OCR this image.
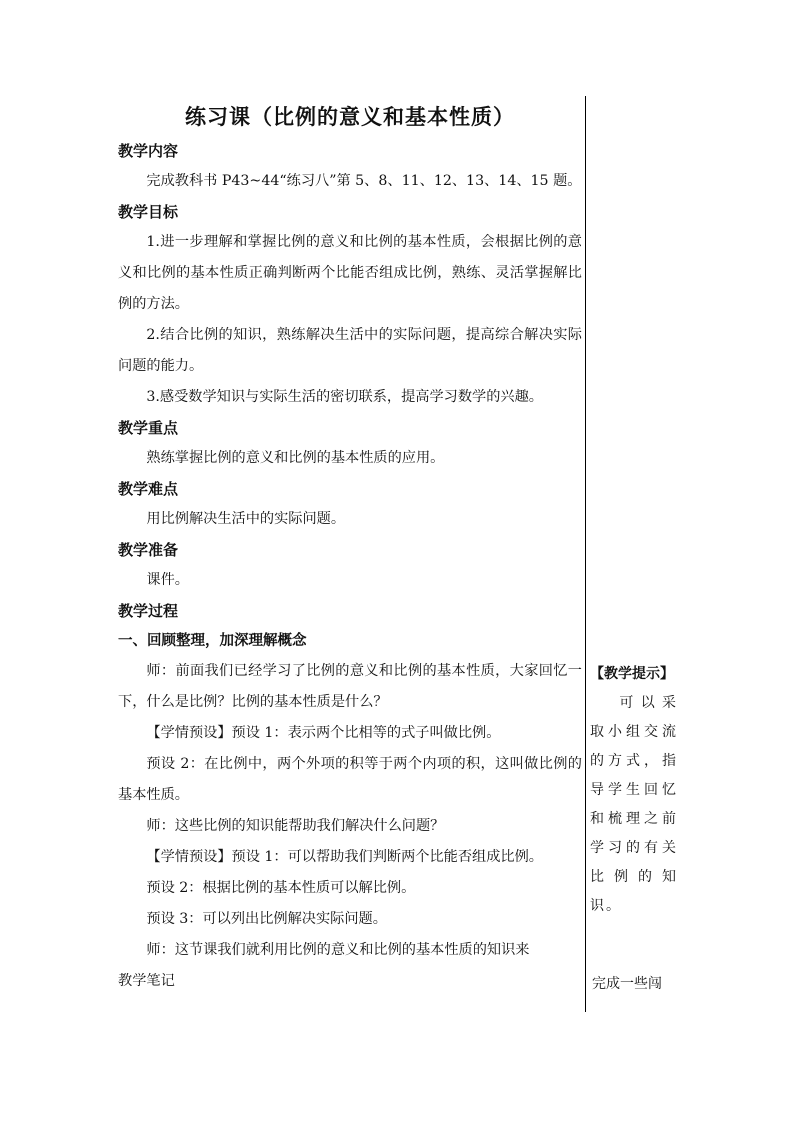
练习课（比例的意义和基本性质）
教学内容
完成教科书 P43~44“练习八”第 5、8、11、12、13、14、15 题。
教学目标
1.进一步理解和掌握比例的意义和比例的基本性质，会根据比例的意义和比例的基本性质正确判断两个比能否组成比例，熟练、灵活掌握解比例的方法。
2.结合比例的知识，熟练解决生活中的实际问题，提高综合解决实际问题的能力。
3.感受数学知识与实际生活的密切联系，提高学习数学的兴趣。
教学重点
熟练掌握比例的意义和比例的基本性质的应用。
教学难点
用比例解决生活中的实际问题。
教学准备
课件。
教学过程
一、回顾整理，加深理解概念
师：前面我们已经学习了比例的意义和比例的基本性质，大家回忆一下，什么是比例？比例的基本性质是什么？
【学情预设】预设 1：表示两个比相等的式子叫做比例。
预设 2：在比例中，两个外项的积等于两个内项的积，这叫做比例的基本性质。
师：这些比例的知识能帮助我们解决什么问题？
【学情预设】预设 1：可以帮助我们判断两个比能否组成比例。
预设 2：根据比例的基本性质可以解比例。
预设 3：可以列出比例解决实际问题。
师：这节课我们就利用比例的意义和比例的基本性质的知识来
教学笔记
【教学提示】
可以采取小组交流的方式，指导学生回忆和梳理之前学习的有关比例的知识。
完成一些闯
